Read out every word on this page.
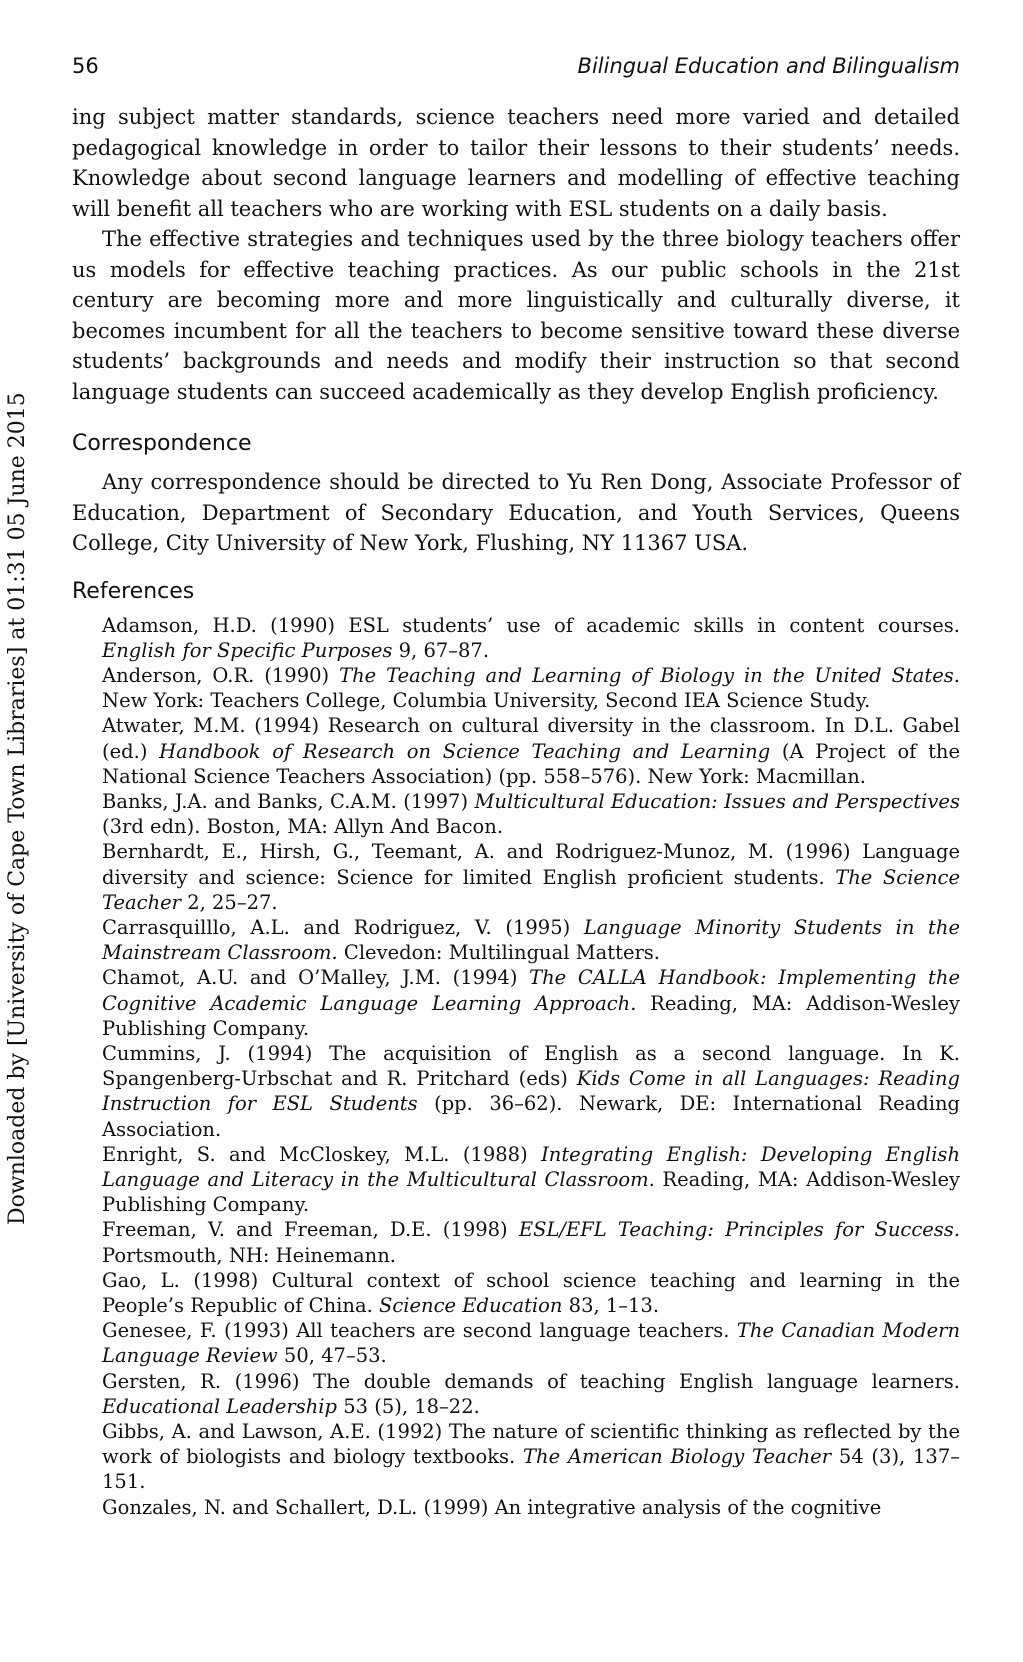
56	Bilingual Education and Bilingualism
Downloaded by [University of Cape Town Libraries] at 01:31 05 June 2015

ing subject matter standards, science teachers need more varied and detailed pedagogical knowledge in order to tailor their lessons to their students’ needs. Knowledge about second language learners and modelling of effective teaching will benefit all teachers who are working with ESL students on a daily basis.

The effective strategies and techniques used by the three biology teachers offer us models for effective teaching practices. As our public schools in the 21st century are becoming more and more linguistically and culturally diverse, it becomes incumbent for all the teachers to become sensitive toward these diverse students’ backgrounds and needs and modify their instruction so that second language students can succeed academically as they develop English proficiency.

Correspondence

Any correspondence should be directed to Yu Ren Dong, Associate Professor of Education, Department of Secondary Education, and Youth Services, Queens College, City University of New York, Flushing, NY 11367 USA.

References

Adamson, H.D. (1990) ESL students’ use of academic skills in content courses. English for Specific Purposes 9, 67–87.

Anderson, O.R. (1990) The Teaching and Learning of Biology in the United States. New York: Teachers College, Columbia University, Second IEA Science Study.

Atwater, M.M. (1994) Research on cultural diversity in the classroom. In D.L. Gabel (ed.) Handbook of Research on Science Teaching and Learning (A Project of the National Science Teachers Association) (pp. 558–576). New York: Macmillan.

Banks, J.A. and Banks, C.A.M. (1997) Multicultural Education: Issues and Perspectives (3rd edn). Boston, MA: Allyn And Bacon.

Bernhardt, E., Hirsh, G., Teemant, A. and Rodriguez-Munoz, M. (1996) Language diversity and science: Science for limited English proficient students. The Science Teacher 2, 25–27.

Carrasquilllo, A.L. and Rodriguez, V. (1995) Language Minority Students in the Mainstream Classroom. Clevedon: Multilingual Matters.

Chamot, A.U. and O’Malley, J.M. (1994) The CALLA Handbook: Implementing the Cognitive Academic Language Learning Approach. Reading, MA: Addison-Wesley Publishing Company.

Cummins, J. (1994) The acquisition of English as a second language. In K. Spangenberg-Urbschat and R. Pritchard (eds) Kids Come in all Languages: Reading Instruction for ESL Students (pp. 36–62). Newark, DE: International Reading Association.

Enright, S. and McCloskey, M.L. (1988) Integrating English: Developing English Language and Literacy in the Multicultural Classroom. Reading, MA: Addison-Wesley Publishing Company.

Freeman, V. and Freeman, D.E. (1998) ESL/EFL Teaching: Principles for Success. Portsmouth, NH: Heinemann.

Gao, L. (1998) Cultural context of school science teaching and learning in the People’s Republic of China. Science Education 83, 1–13.

Genesee, F. (1993) All teachers are second language teachers. The Canadian Modern Language Review 50, 47–53.

Gersten, R. (1996) The double demands of teaching English language learners. Educational Leadership 53 (5), 18–22.

Gibbs, A. and Lawson, A.E. (1992) The nature of scientific thinking as reflected by the work of biologists and biology textbooks. The American Biology Teacher 54 (3), 137–151.

Gonzales, N. and Schallert, D.L. (1999) An integrative analysis of the cognitive
